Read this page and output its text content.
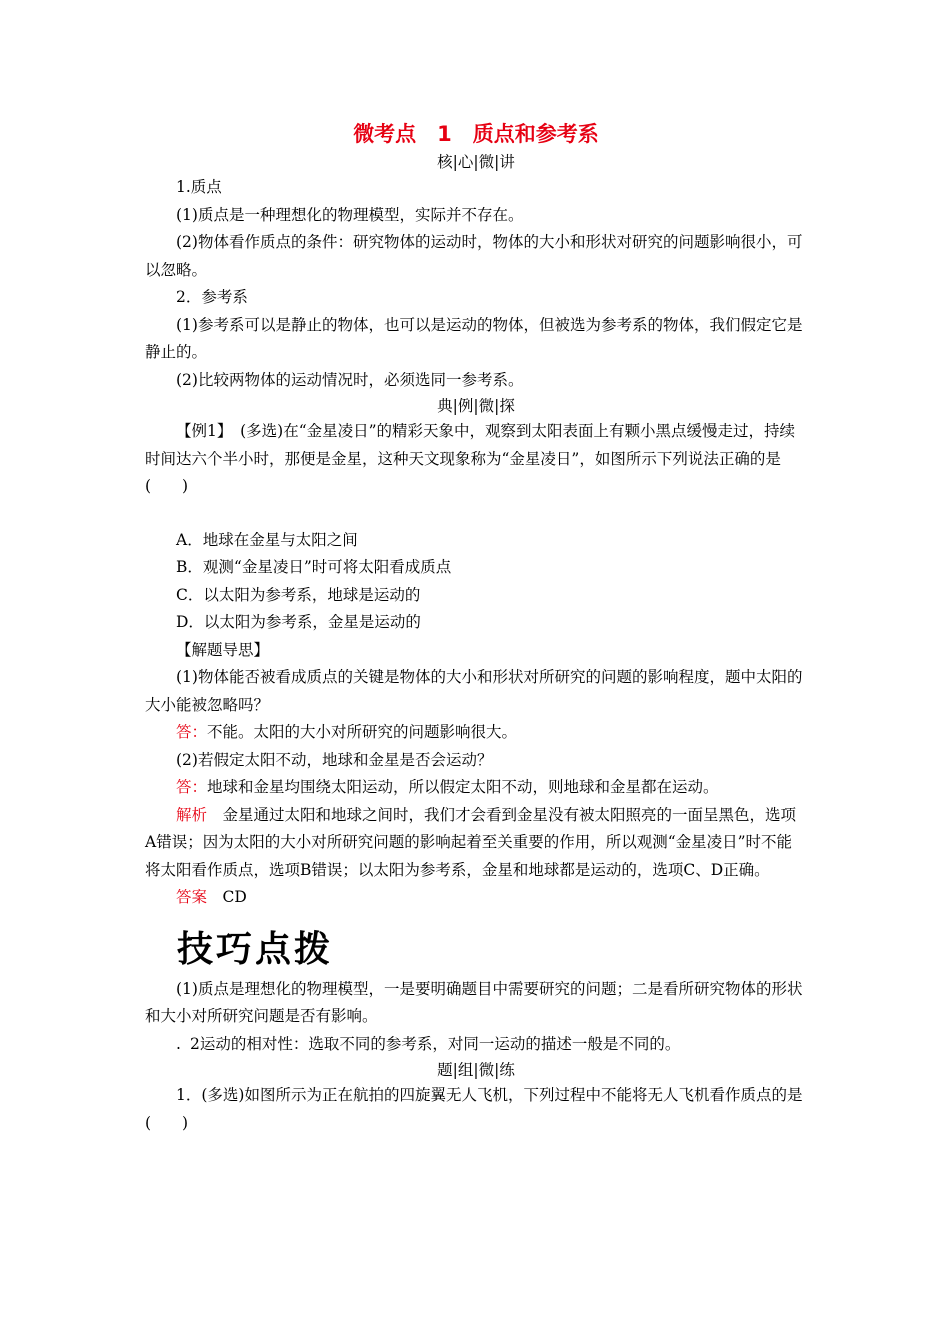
微考点　1　质点和参考系

核|心|微|讲

1.质点

(1)质点是一种理想化的物理模型，实际并不存在。

(2)物体看作质点的条件：研究物体的运动时，物体的大小和形状对研究的问题影响很小，可以忽略。

2．参考系

(1)参考系可以是静止的物体，也可以是运动的物体，但被选为参考系的物体，我们假定它是静止的。

(2)比较两物体的运动情况时，必须选同一参考系。

典|例|微|探

【例1】　(多选)在“金星凌日”的精彩天象中，观察到太阳表面上有颗小黑点缓慢走过，持续时间达六个半小时，那便是金星，这种天文现象称为“金星凌日”，如图所示下列说法正确的是(　　)

A．地球在金星与太阳之间

B．观测“金星凌日”时可将太阳看成质点

C．以太阳为参考系，地球是运动的

D．以太阳为参考系，金星是运动的

【解题导思】

(1)物体能否被看成质点的关键是物体的大小和形状对所研究的问题的影响程度，题中太阳的大小能被忽略吗？

答：不能。太阳的大小对所研究的问题影响很大。

(2)若假定太阳不动，地球和金星是否会运动？

答：地球和金星均围绕太阳运动，所以假定太阳不动，则地球和金星都在运动。

解析　金星通过太阳和地球之间时，我们才会看到金星没有被太阳照亮的一面呈黑色，选项A错误；因为太阳的大小对所研究问题的影响起着至关重要的作用，所以观测“金星凌日”时不能将太阳看作质点，选项B错误；以太阳为参考系，金星和地球都是运动的，选项C、D正确。

答案　CD

技巧点拨

(1)质点是理想化的物理模型，一是要明确题目中需要研究的问题；二是看所研究物体的形状和大小对所研究问题是否有影响。

. 2运动的相对性：选取不同的参考系，对同一运动的描述一般是不同的。

题|组|微|练

1．(多选)如图所示为正在航拍的四旋翼无人飞机，下列过程中不能将无人飞机看作质点的是(　　)
